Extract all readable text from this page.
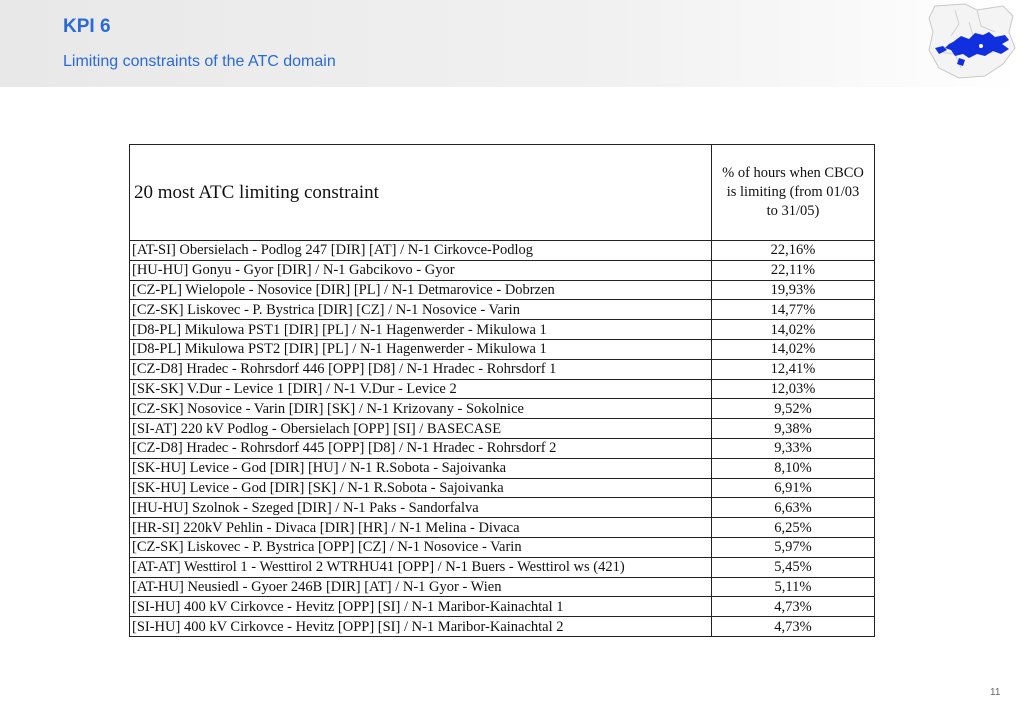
KPI 6
Limiting constraints of the ATC domain
20 most ATC limiting constraint	% of hours when CBCO is limiting (from 01/03 to 31/05)
[AT-SI] Obersielach - Podlog 247 [DIR] [AT] / N-1 Cirkovce-Podlog	22,16%
[HU-HU] Gonyu - Gyor [DIR] / N-1 Gabcikovo - Gyor	22,11%
[CZ-PL] Wielopole - Nosovice [DIR] [PL] / N-1 Detmarovice - Dobrzen	19,93%
[CZ-SK] Liskovec - P. Bystrica [DIR] [CZ] / N-1 Nosovice - Varin	14,77%
[D8-PL] Mikulowa PST1 [DIR] [PL] / N-1 Hagenwerder - Mikulowa 1	14,02%
[D8-PL] Mikulowa PST2 [DIR] [PL] / N-1 Hagenwerder - Mikulowa 1	14,02%
[CZ-D8] Hradec - Rohrsdorf 446 [OPP] [D8] / N-1 Hradec - Rohrsdorf 1	12,41%
[SK-SK] V.Dur - Levice 1 [DIR] / N-1 V.Dur - Levice 2	12,03%
[CZ-SK] Nosovice - Varin [DIR] [SK] / N-1 Krizovany - Sokolnice	9,52%
[SI-AT] 220 kV Podlog - Obersielach [OPP] [SI] / BASECASE	9,38%
[CZ-D8] Hradec - Rohrsdorf 445 [OPP] [D8] / N-1 Hradec - Rohrsdorf 2	9,33%
[SK-HU] Levice - God [DIR] [HU] / N-1 R.Sobota - Sajoivanka	8,10%
[SK-HU] Levice - God [DIR] [SK] / N-1 R.Sobota - Sajoivanka	6,91%
[HU-HU] Szolnok - Szeged [DIR] / N-1 Paks - Sandorfalva	6,63%
[HR-SI] 220kV Pehlin - Divaca [DIR] [HR] / N-1 Melina - Divaca	6,25%
[CZ-SK] Liskovec - P. Bystrica [OPP] [CZ] / N-1 Nosovice - Varin	5,97%
[AT-AT] Westtirol 1 - Westtirol 2 WTRHU41 [OPP] / N-1 Buers - Westtirol ws (421)	5,45%
[AT-HU] Neusiedl - Gyoer 246B [DIR] [AT] / N-1 Gyor - Wien	5,11%
[SI-HU] 400 kV Cirkovce - Hevitz [OPP] [SI] / N-1 Maribor-Kainachtal 1	4,73%
[SI-HU] 400 kV Cirkovce - Hevitz [OPP] [SI] / N-1 Maribor-Kainachtal 2	4,73%
11
